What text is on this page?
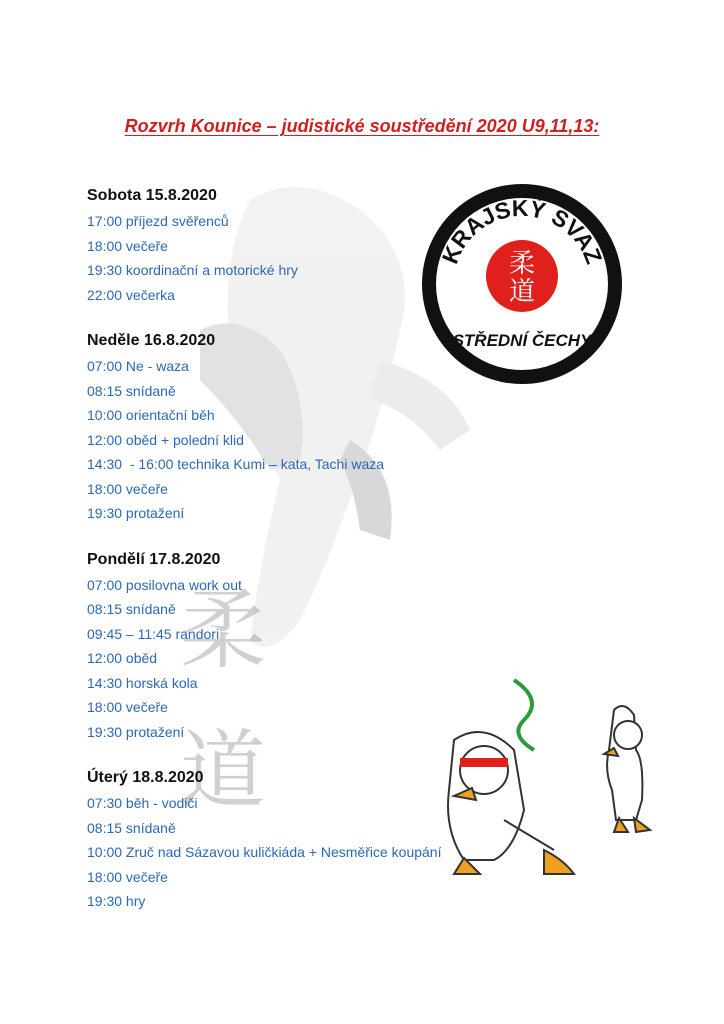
柔
道
Rozvrh Kounice – judistické soustředění 2020 U9,11,13:
KRAJSKÝ SVAZ
柔
道
STŘEDNÍ ČECHY
Sobota 15.8.2020
17:00 příjezd svěřenců
18:00 večeře
19:30 koordinační a motorické hry
22:00 večerka
Neděle 16.8.2020
07:00 Ne - waza
08:15 snídaně
10:00 orientační běh
12:00 oběd + polední klid
14:30  - 16:00 technika Kumi – kata, Tachi waza
18:00 večeře
19:30 protažení
Pondělí 17.8.2020
07:00 posilovna work out
08:15 snídaně
09:45 – 11:45 randori
12:00 oběd
14:30 horská kola
18:00 večeře
19:30 protažení
Úterý 18.8.2020
07:30 běh - vodiči
08:15 snídaně
10:00 Zruč nad Sázavou kuličkiáda + Nesměřice koupání
18:00 večeře
19:30 hry
